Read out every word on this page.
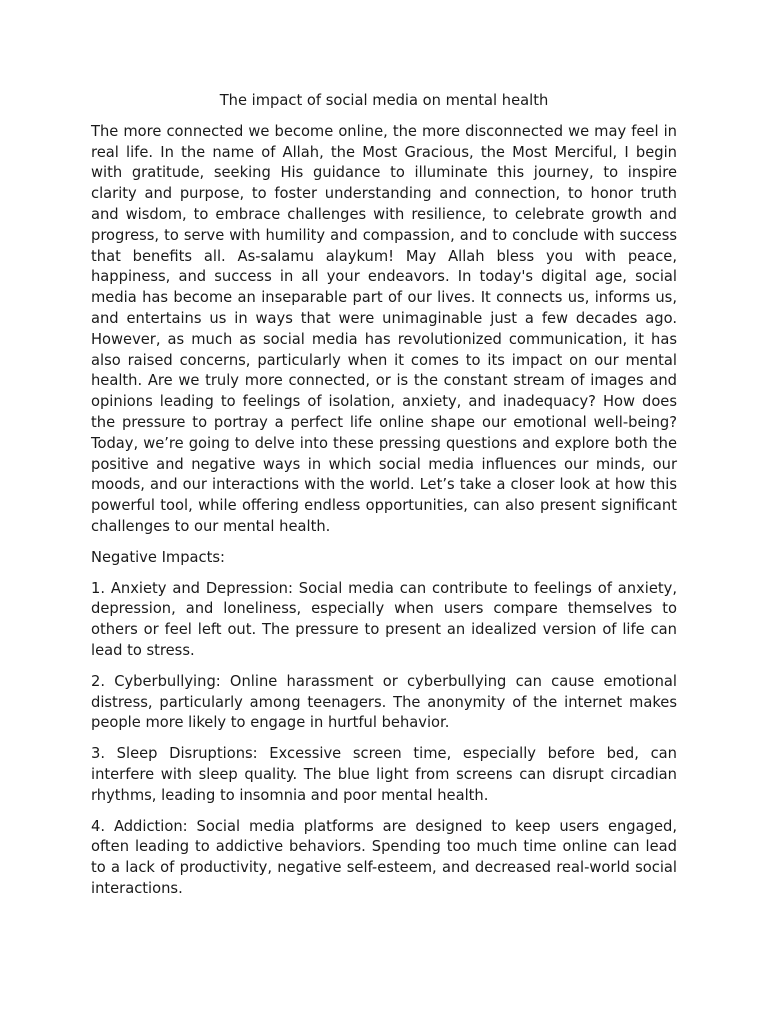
The impact of social media on mental health

The more connected we become online, the more disconnected we may feel in real life. In the name of Allah, the Most Gracious, the Most Merciful, I begin with gratitude, seeking His guidance to illuminate this journey, to inspire clarity and purpose, to foster understanding and connection, to honor truth and wisdom, to embrace challenges with resilience, to celebrate growth and progress, to serve with humility and compassion, and to conclude with success that benefits all. As-salamu alaykum! May Allah bless you with peace, happiness, and success in all your endeavors. In today's digital age, social media has become an inseparable part of our lives. It connects us, informs us, and entertains us in ways that were unimaginable just a few decades ago. However, as much as social media has revolutionized communication, it has also raised concerns, particularly when it comes to its impact on our mental health. Are we truly more connected, or is the constant stream of images and opinions leading to feelings of isolation, anxiety, and inadequacy? How does the pressure to portray a perfect life online shape our emotional well-being? Today, we’re going to delve into these pressing questions and explore both the positive and negative ways in which social media influences our minds, our moods, and our interactions with the world. Let’s take a closer look at how this powerful tool, while offering endless opportunities, can also present significant challenges to our mental health.

Negative Impacts:

1. Anxiety and Depression: Social media can contribute to feelings of anxiety, depression, and loneliness, especially when users compare themselves to others or feel left out. The pressure to present an idealized version of life can lead to stress.

2. Cyberbullying: Online harassment or cyberbullying can cause emotional distress, particularly among teenagers. The anonymity of the internet makes people more likely to engage in hurtful behavior.

3. Sleep Disruptions: Excessive screen time, especially before bed, can interfere with sleep quality. The blue light from screens can disrupt circadian rhythms, leading to insomnia and poor mental health.

4. Addiction: Social media platforms are designed to keep users engaged, often leading to addictive behaviors. Spending too much time online can lead to a lack of productivity, negative self-esteem, and decreased real-world social interactions.
